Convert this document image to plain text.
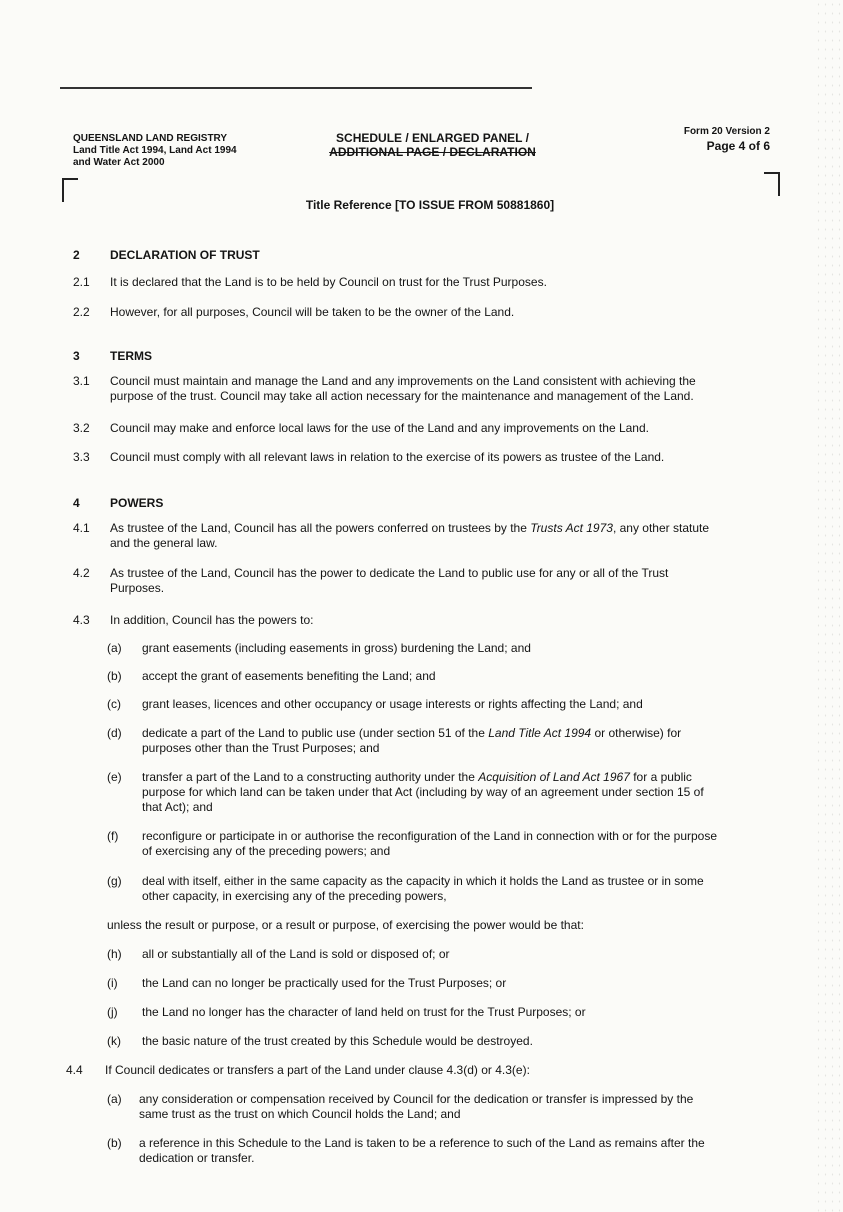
QUEENSLAND LAND REGISTRY
Land Title Act 1994, Land Act 1994
and Water Act 2000
SCHEDULE / ENLARGED PANEL /
ADDITIONAL PAGE / DECLARATION
Form 20 Version 2
Page 4 of 6
Title Reference [TO ISSUE FROM 50881860]
2	DECLARATION OF TRUST
2.1 It is declared that the Land is to be held by Council on trust for the Trust Purposes.
2.2 However, for all purposes, Council will be taken to be the owner of the Land.
3	TERMS
3.1 Council must maintain and manage the Land and any improvements on the Land consistent with achieving the
purpose of the trust. Council may take all action necessary for the maintenance and management of the Land.
3.2 Council may make and enforce local laws for the use of the Land and any improvements on the Land.
3.3 Council must comply with all relevant laws in relation to the exercise of its powers as trustee of the Land.
4	POWERS
4.1 As trustee of the Land, Council has all the powers conferred on trustees by the Trusts Act 1973, any other statute
and the general law.
4.2 As trustee of the Land, Council has the power to dedicate the Land to public use for any or all of the Trust
Purposes.
4.3 In addition, Council has the powers to:
(a) grant easements (including easements in gross) burdening the Land; and
(b) accept the grant of easements benefiting the Land; and
(c) grant leases, licences and other occupancy or usage interests or rights affecting the Land; and
(d) dedicate a part of the Land to public use (under section 51 of the Land Title Act 1994 or otherwise) for
purposes other than the Trust Purposes; and
(e) transfer a part of the Land to a constructing authority under the Acquisition of Land Act 1967 for a public
purpose for which land can be taken under that Act (including by way of an agreement under section 15 of
that Act); and
(f) reconfigure or participate in or authorise the reconfiguration of the Land in connection with or for the purpose
of exercising any of the preceding powers; and
(g) deal with itself, either in the same capacity as the capacity in which it holds the Land as trustee or in some
other capacity, in exercising any of the preceding powers,
unless the result or purpose, or a result or purpose, of exercising the power would be that:
(h) all or substantially all of the Land is sold or disposed of; or
(i) the Land can no longer be practically used for the Trust Purposes; or
(j) the Land no longer has the character of land held on trust for the Trust Purposes; or
(k) the basic nature of the trust created by this Schedule would be destroyed.
4.4 If Council dedicates or transfers a part of the Land under clause 4.3(d) or 4.3(e):
(a) any consideration or compensation received by Council for the dedication or transfer is impressed by the
same trust as the trust on which Council holds the Land; and
(b) a reference in this Schedule to the Land is taken to be a reference to such of the Land as remains after the
dedication or transfer.
